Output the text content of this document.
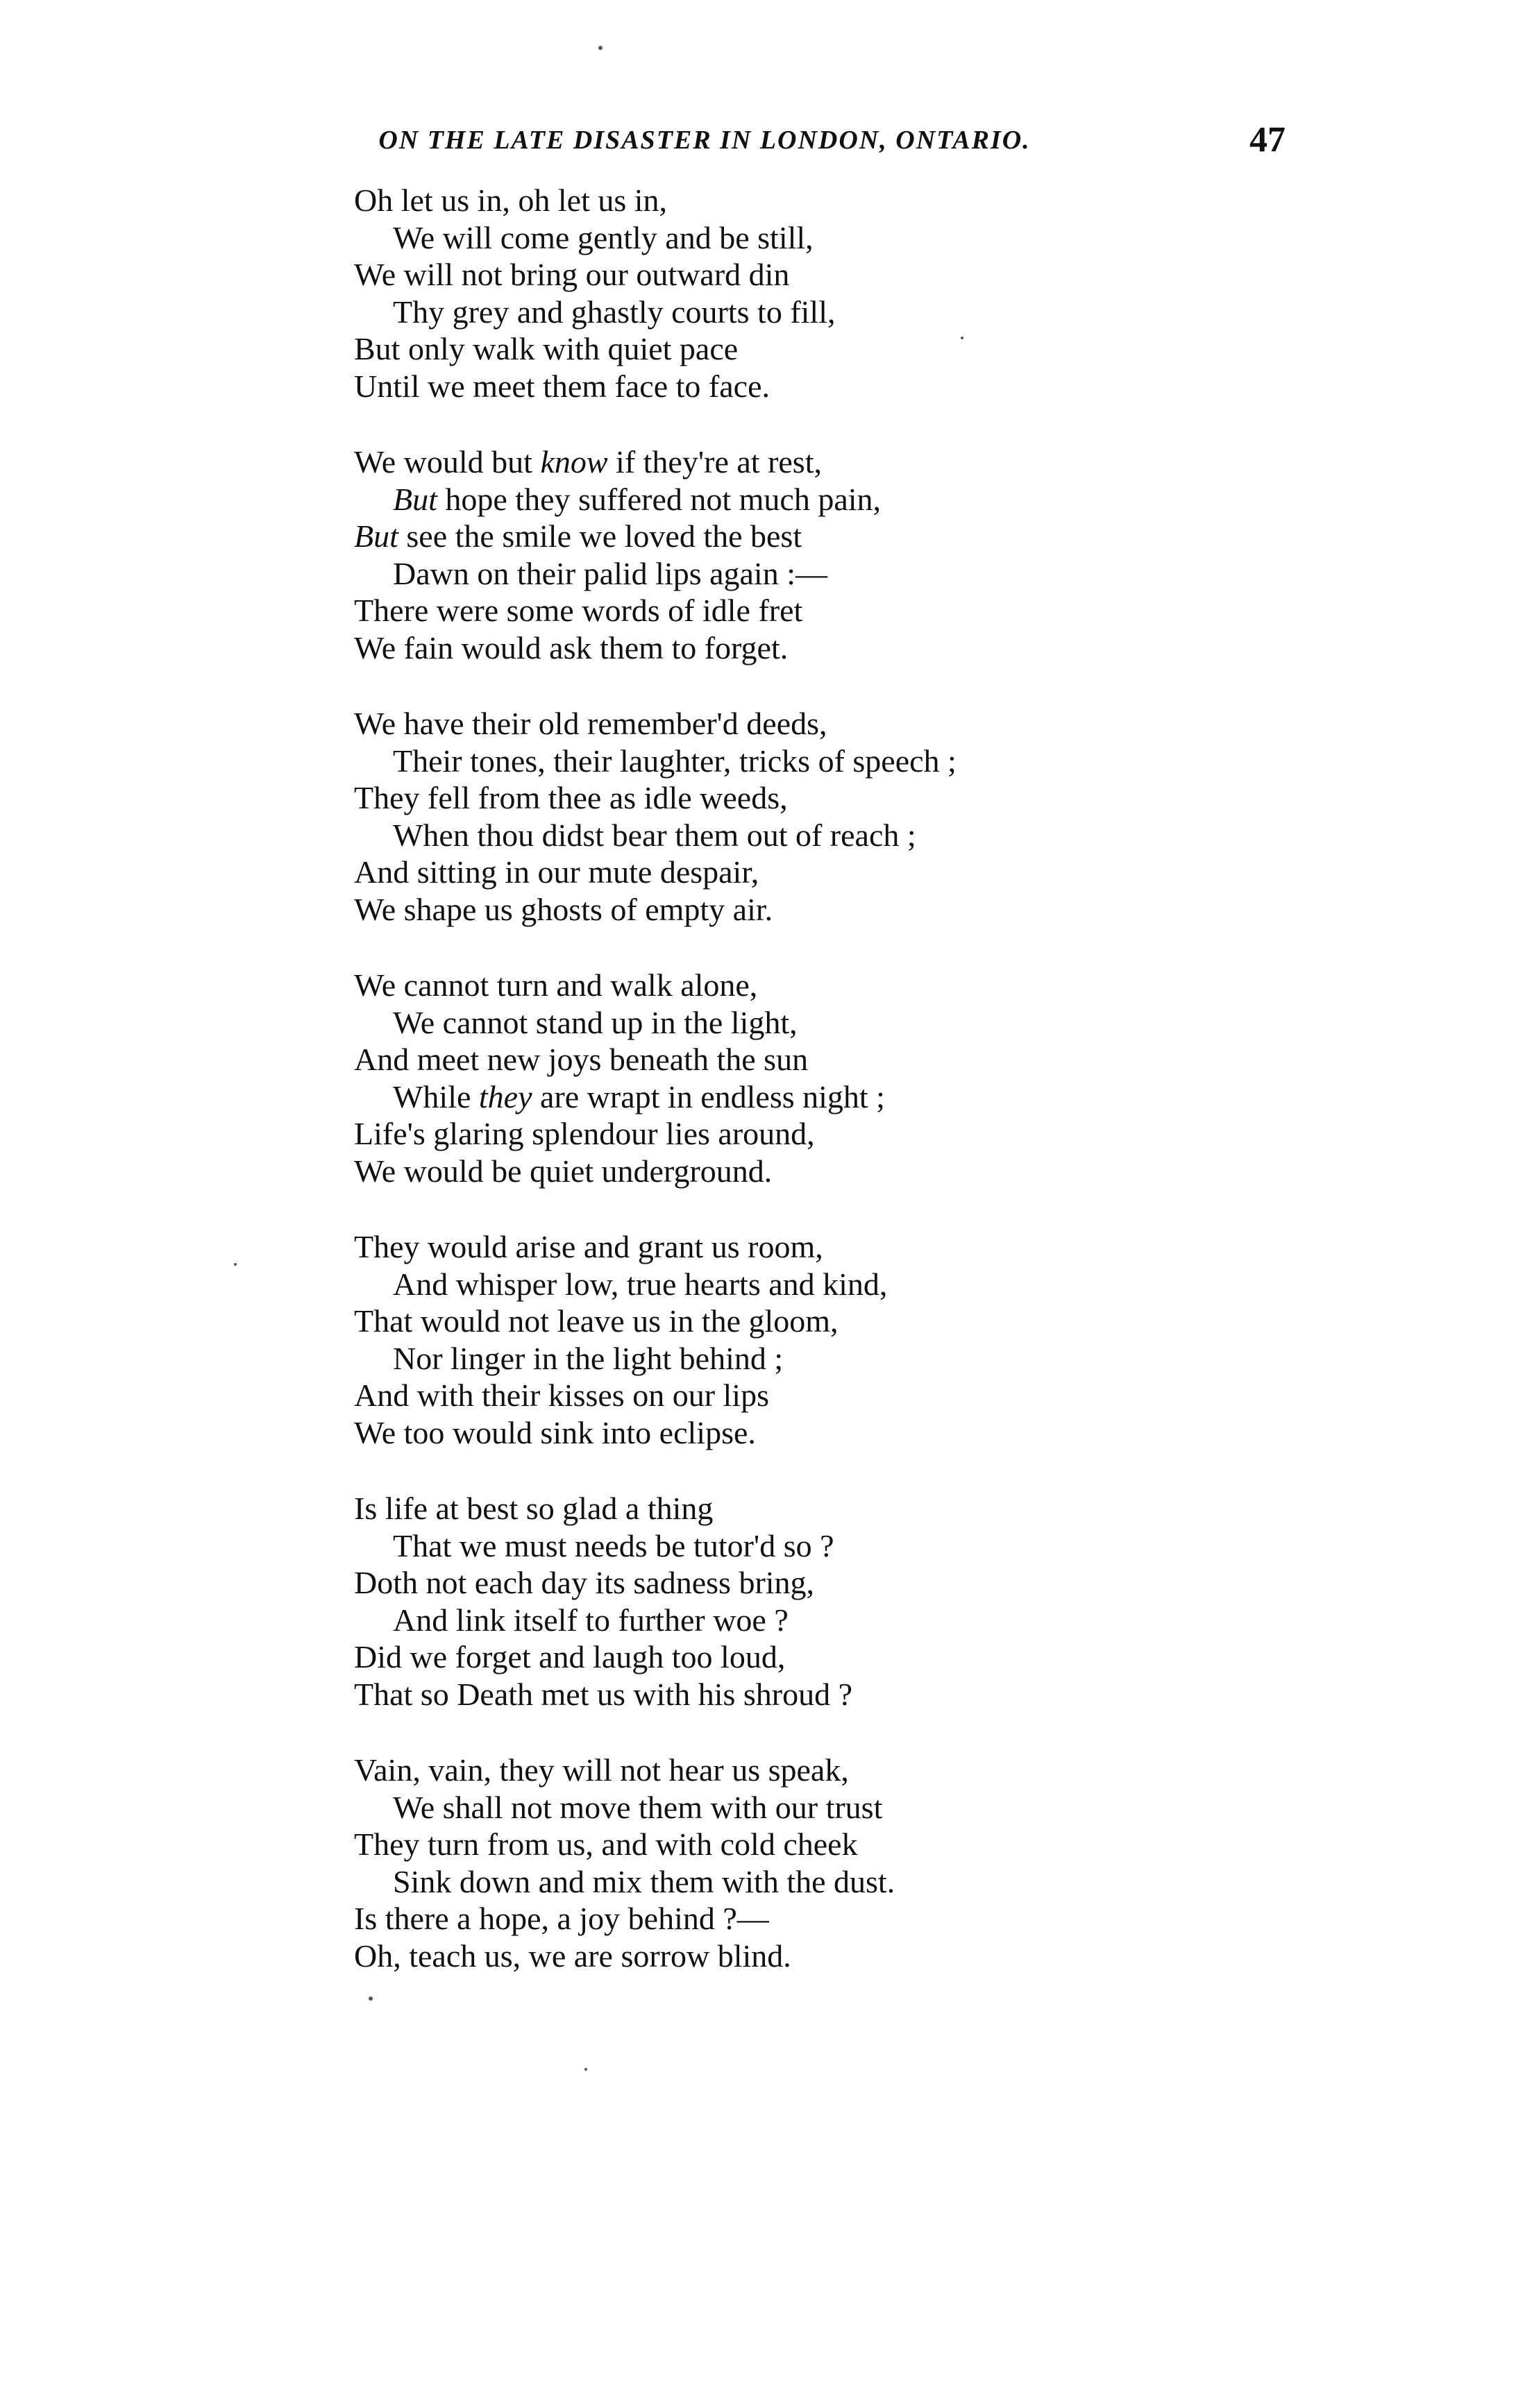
ON THE LATE DISASTER IN LONDON, ONTARIO.	47
Oh let us in, oh let us in,
We will come gently and be still,
We will not bring our outward din
Thy grey and ghastly courts to fill,
But only walk with quiet pace
Until we meet them face to face.
We would but know if they're at rest,
But hope they suffered not much pain,
But see the smile we loved the best
Dawn on their palid lips again :—
There were some words of idle fret
We fain would ask them to forget.
We have their old remember'd deeds,
Their tones, their laughter, tricks of speech ;
They fell from thee as idle weeds,
When thou didst bear them out of reach ;
And sitting in our mute despair,
We shape us ghosts of empty air.
We cannot turn and walk alone,
We cannot stand up in the light,
And meet new joys beneath the sun
While they are wrapt in endless night ;
Life's glaring splendour lies around,
We would be quiet underground.
They would arise and grant us room,
And whisper low, true hearts and kind,
That would not leave us in the gloom,
Nor linger in the light behind ;
And with their kisses on our lips
We too would sink into eclipse.
Is life at best so glad a thing
That we must needs be tutor'd so ?
Doth not each day its sadness bring,
And link itself to further woe ?
Did we forget and laugh too loud,
That so Death met us with his shroud ?
Vain, vain, they will not hear us speak,
We shall not move them with our trust
They turn from us, and with cold cheek
Sink down and mix them with the dust.
Is there a hope, a joy behind ?—
Oh, teach us, we are sorrow blind.
